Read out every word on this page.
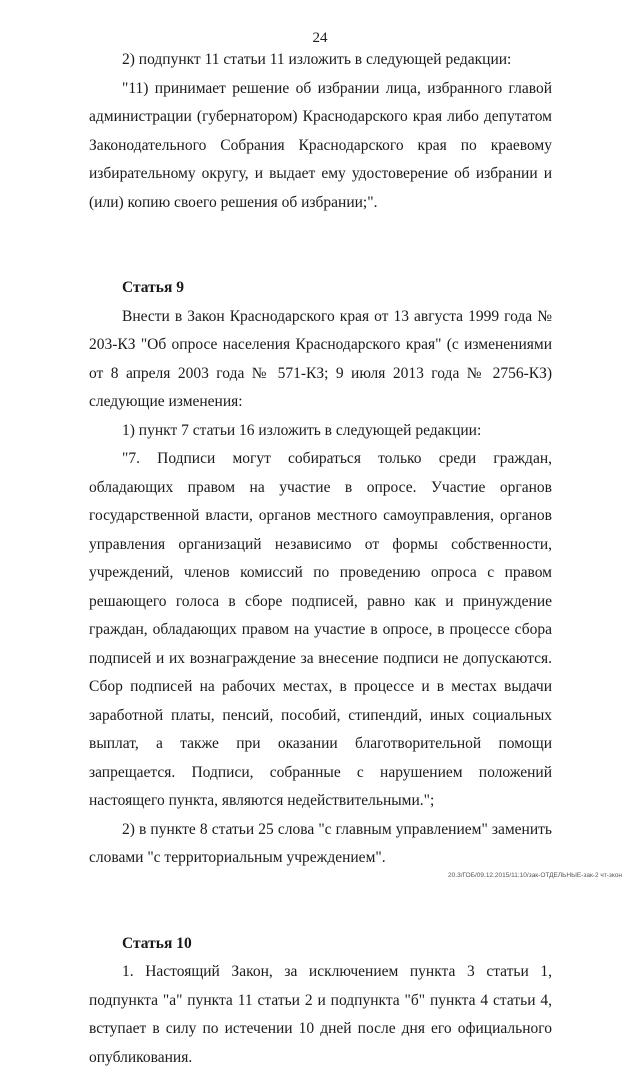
24

2) подпункт 11 статьи 11 изложить в следующей редакции:

"11) принимает решение об избрании лица, избранного главой администрации (губернатором) Краснодарского края либо депутатом Законодательного Собрания Краснодарского края по краевому избирательному округу, и выдает ему удостоверение об избрании и (или) копию своего решения об избрании;".

Статья 9

Внести в Закон Краснодарского края от 13 августа 1999 года № 203-КЗ "Об опросе населения Краснодарского края" (с изменениями от 8 апреля 2003 года № 571-КЗ; 9 июля 2013 года № 2756-КЗ) следующие изменения:

1) пункт 7 статьи 16 изложить в следующей редакции:

"7. Подписи могут собираться только среди граждан, обладающих правом на участие в опросе. Участие органов государственной власти, органов местного самоуправления, органов управления организаций независимо от формы собственности, учреждений, членов комиссий по проведению опроса с правом решающего голоса в сборе подписей, равно как и принуждение граждан, обладающих правом на участие в опросе, в процессе сбора подписей и их вознаграждение за внесение подписи не допускаются. Сбор подписей на рабочих местах, в процессе и в местах выдачи заработной платы, пенсий, пособий, стипендий, иных социальных выплат, а также при оказании благотворительной помощи запрещается. Подписи, собранные с нарушением положений настоящего пункта, являются недействительными.";

2) в пункте 8 статьи 25 слова "с главным управлением" заменить словами "с территориальным учреждением".

Статья 10

1. Настоящий Закон, за исключением пункта 3 статьи 1, подпункта "а" пункта 11 статьи 2 и подпункта "б" пункта 4 статьи 4, вступает в силу по истечении 10 дней после дня его официального опубликования.

20.3/ГОБ/09.12.2015/11:10/зак-ОТДЕЛЬНЫЕ-зак-2 чт-зкон
